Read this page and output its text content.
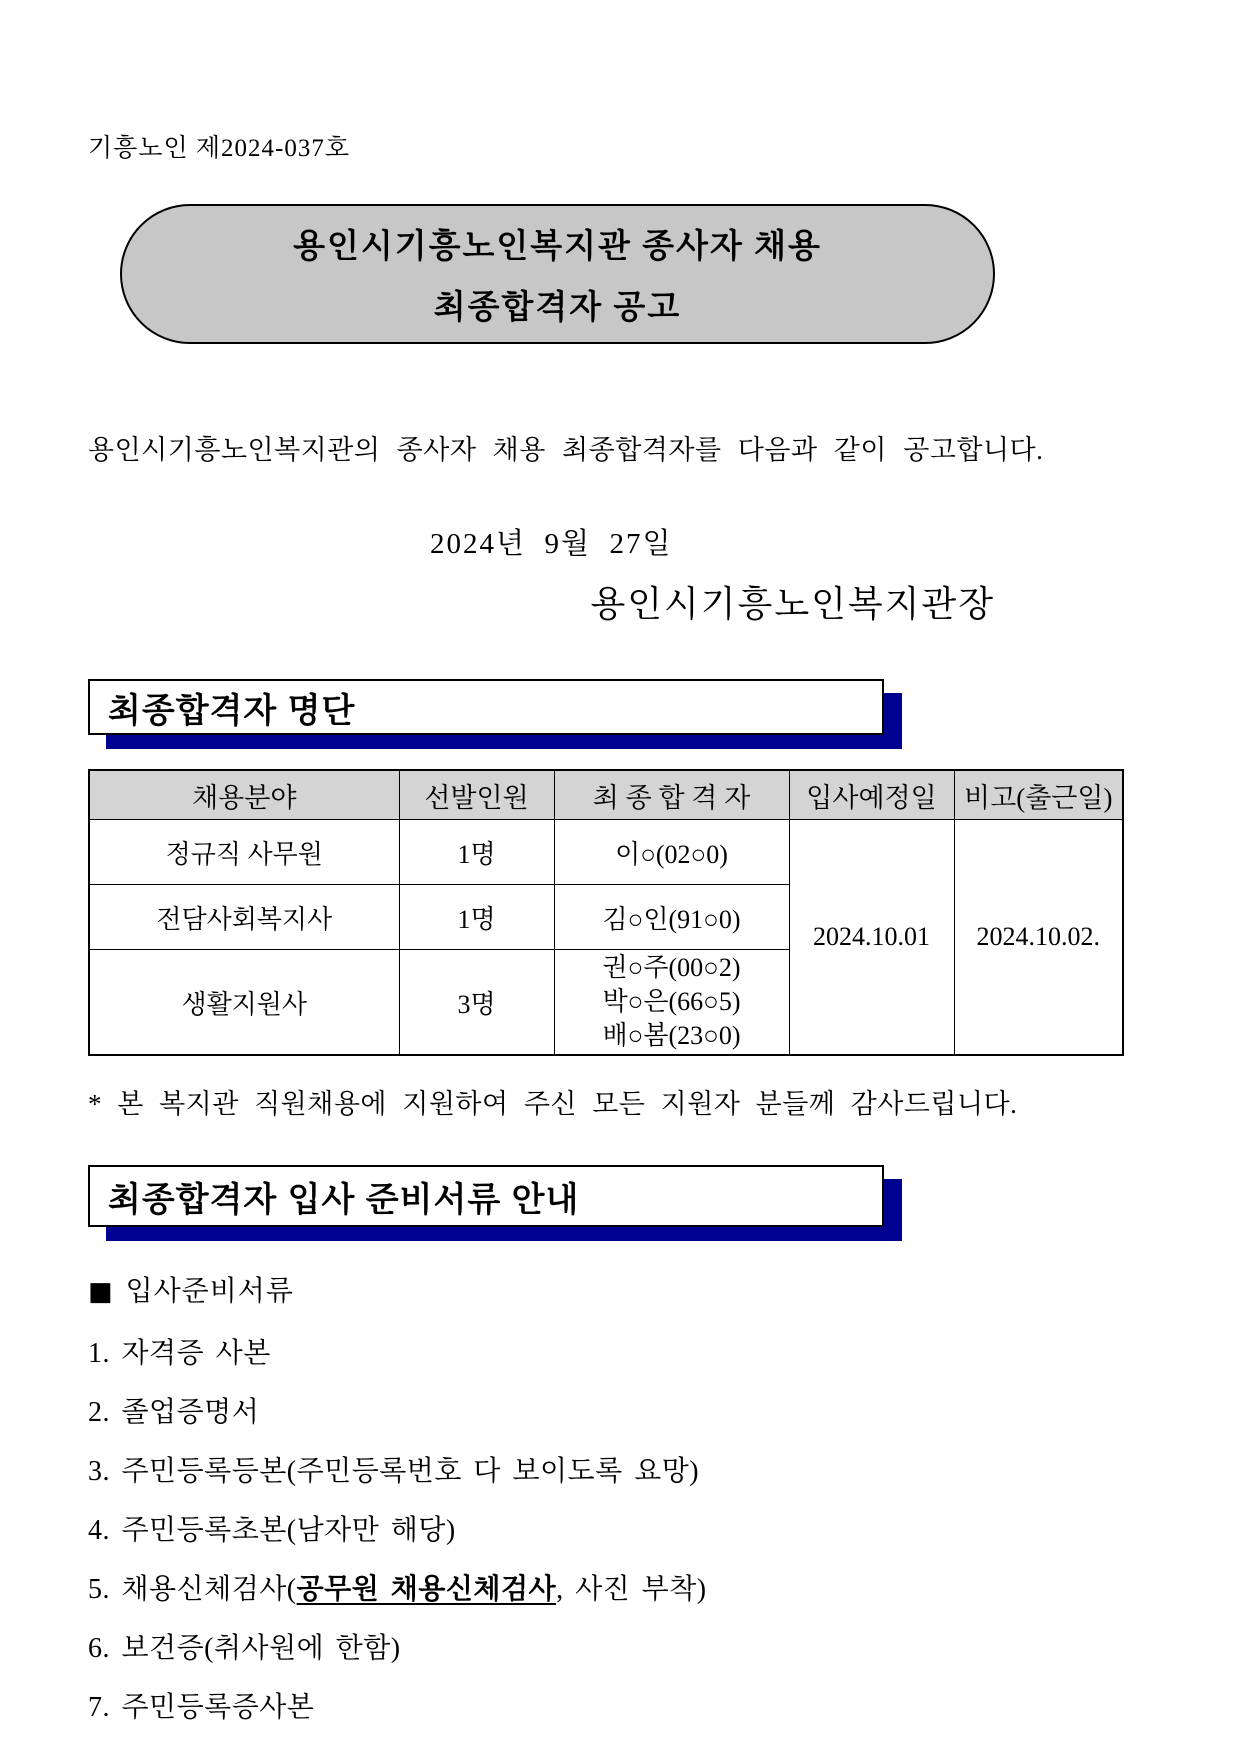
기흥노인 제2024-037호
용인시기흥노인복지관 종사자 채용
최종합격자 공고
용인시기흥노인복지관의 종사자 채용 최종합격자를 다음과 같이 공고합니다.
2024년  9월  27일
용인시기흥노인복지관장
최종합격자 명단
채용분야	선발인원	최 종 합 격 자	입사예정일	비고(출근일)
정규직 사무원	1명	이○(02○0)	2024.10.01	2024.10.02.
전담사회복지사	1명	김○인(91○0)		
생활지원사	3명	권○주(00○2)
박○은(66○5)
배○봄(23○0)		
* 본 복지관 직원채용에 지원하여 주신 모든 지원자 분들께 감사드립니다.
최종합격자 입사 준비서류 안내
■ 입사준비서류
1. 자격증 사본
2. 졸업증명서
3. 주민등록등본(주민등록번호 다 보이도록 요망)
4. 주민등록초본(남자만 해당)
5. 채용신체검사(공무원 채용신체검사, 사진 부착)
6. 보건증(취사원에 한함)
7. 주민등록증사본
